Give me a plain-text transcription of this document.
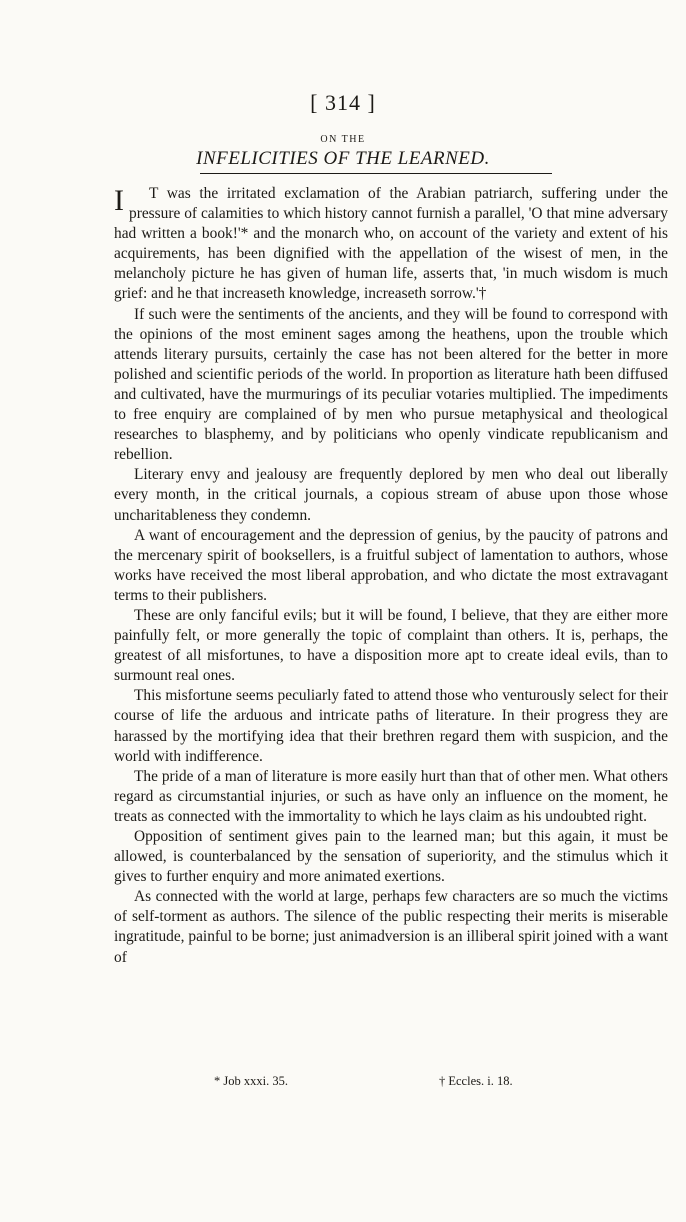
[ 314 ]
ON THE
INFELICITIES OF THE LEARNED.

I T was the irritated exclamation of the Arabian patriarch, suffering under the pressure of calamities to which history cannot furnish a parallel, 'O that mine adversary had written a book!'* and the monarch who, on account of the variety and extent of his acquirements, has been dignified with the appellation of the wisest of men, in the melancholy picture he has given of human life, asserts that, 'in much wisdom is much grief: and he that increaseth knowledge, increaseth sorrow.'†

If such were the sentiments of the ancients, and they will be found to correspond with the opinions of the most eminent sages among the heathens, upon the trouble which attends literary pursuits, certainly the case has not been altered for the better in more polished and scientific periods of the world. In proportion as literature hath been diffused and cultivated, have the murmurings of its peculiar votaries multiplied. The impediments to free enquiry are complained of by men who pursue metaphysical and theological researches to blasphemy, and by politicians who openly vindicate republicanism and rebellion.

Literary envy and jealousy are frequently deplored by men who deal out liberally every month, in the critical journals, a copious stream of abuse upon those whose uncharitableness they condemn.

A want of encouragement and the depression of genius, by the paucity of patrons and the mercenary spirit of booksellers, is a fruitful subject of lamentation to authors, whose works have received the most liberal approbation, and who dictate the most extravagant terms to their publishers.

These are only fanciful evils; but it will be found, I believe, that they are either more painfully felt, or more generally the topic of complaint than others. It is, perhaps, the greatest of all misfortunes, to have a disposition more apt to create ideal evils, than to surmount real ones.

This misfortune seems peculiarly fated to attend those who venturously select for their course of life the arduous and intricate paths of literature. In their progress they are harassed by the mortifying idea that their brethren regard them with suspicion, and the world with indifference.

The pride of a man of literature is more easily hurt than that of other men. What others regard as circumstantial injuries, or such as have only an influence on the moment, he treats as connected with the immortality to which he lays claim as his undoubted right.

Opposition of sentiment gives pain to the learned man; but this again, it must be allowed, is counterbalanced by the sensation of superiority, and the stimulus which it gives to further enquiry and more animated exertions.

As connected with the world at large, perhaps few characters are so much the victims of self-torment as authors. The silence of the public respecting their merits is miserable ingratitude, painful to be borne; just animadversion is an illiberal spirit joined with a want of

* Job xxxi. 35.	† Eccles. i. 18.
